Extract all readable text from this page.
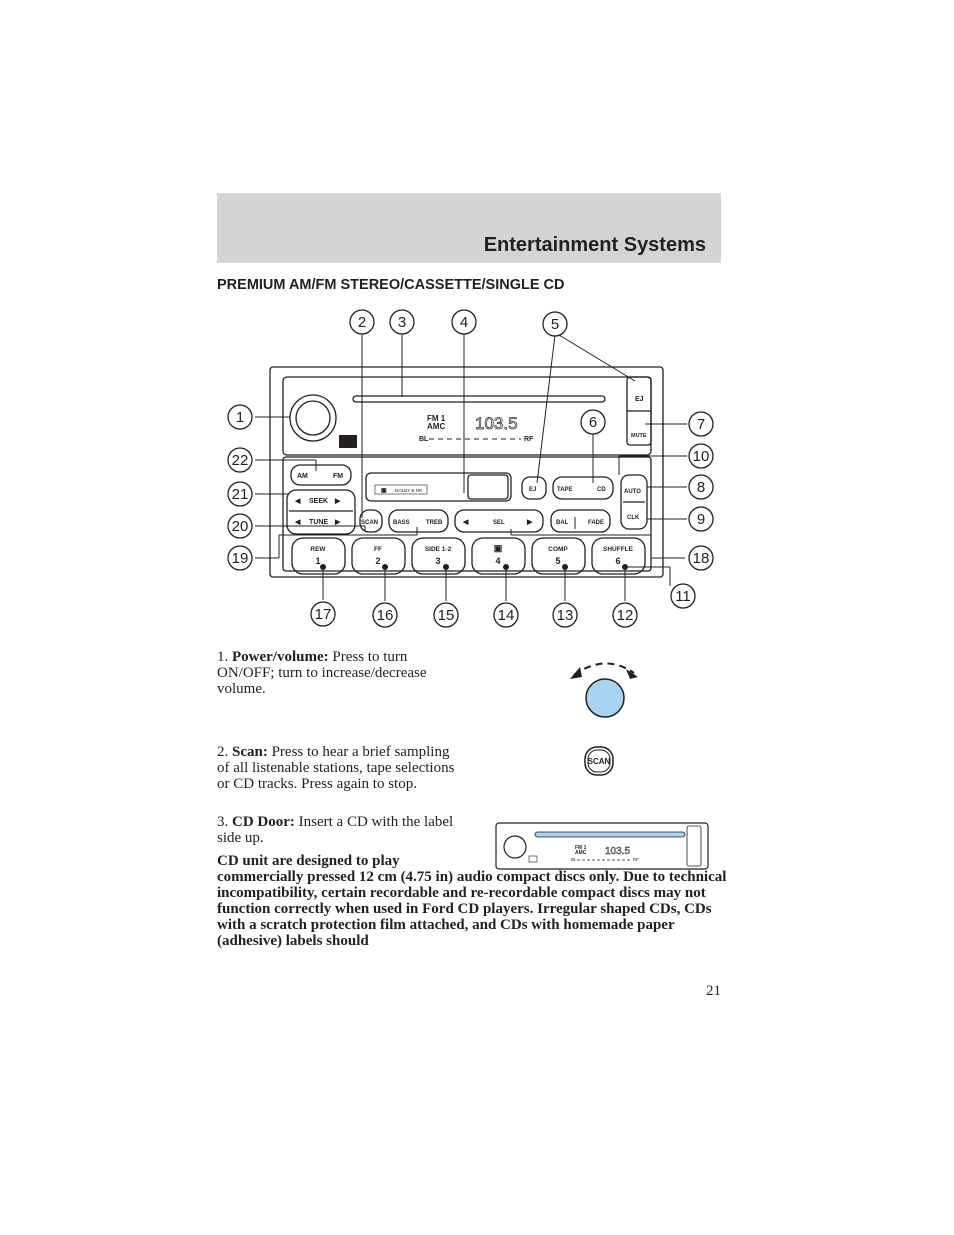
Entertainment Systems
PREMIUM AM/FM STEREO/CASSETTE/SINGLE CD
FM 1
AMC 103.5
BL	RF
EJ
MUTE
AM	FM
◀ SEEK ▶
◀ TUNE ▶	SCAN BASS	TREB	◀	SEL	▶	BAL	FADE
EJ	TAPE	CD	AUTO
CLK
DOLBY B NR
▣
REW
1
FF
2
SIDE 1-2
3
▣
4
COMP
5
SHUFFLE
6
1
2 3	4	5
6	7
8
9
10
11
12
13
14
15
16
17
18
19
20
21
22
1. Power/volume: Press to turn ON/OFF; turn to increase/decrease volume.
2. Scan: Press to hear a brief sampling of all listenable stations, tape selections or CD tracks. Press again to stop.
SCAN
3. CD Door: Insert a CD with the label side up.
FM 1
AMC 103.5
BL	RF
CD unit are designed to play
commercially pressed 12 cm (4.75 in) audio compact discs only. Due to technical incompatibility, certain recordable and re-recordable compact discs may not function correctly when used in Ford CD players. Irregular shaped CDs, CDs with a scratch protection film attached, and CDs with homemade paper (adhesive) labels should
21
